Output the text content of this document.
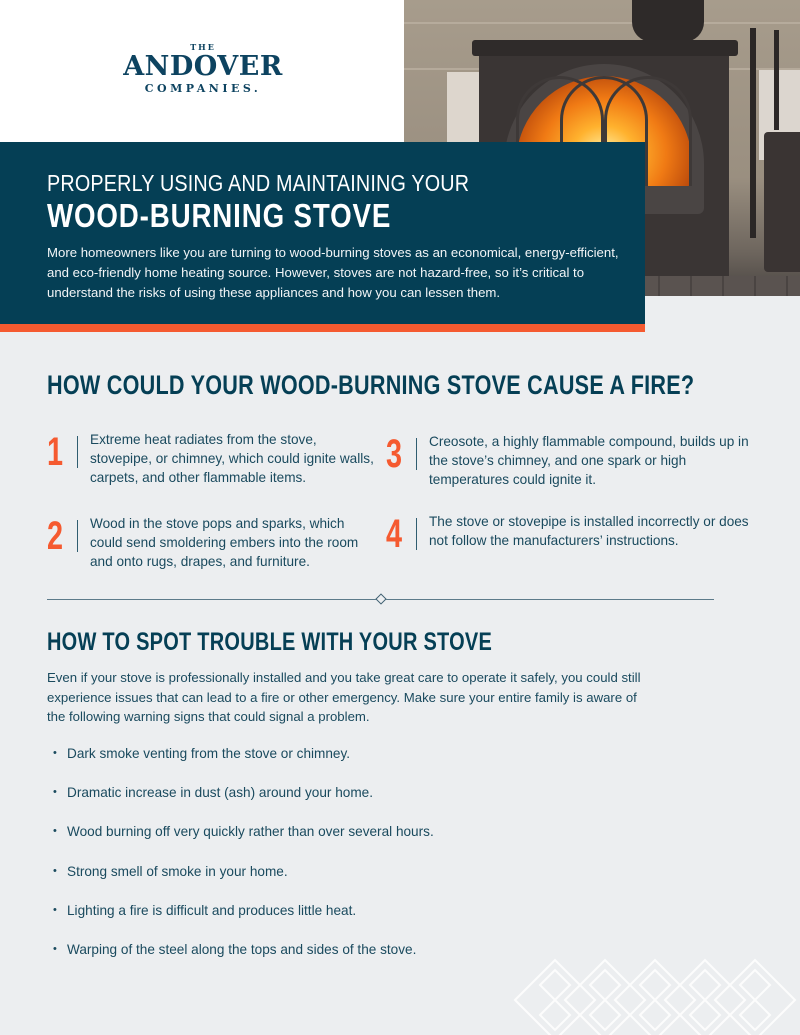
THE
ANDOVER
COMPANIES.
PROPERLY USING AND MAINTAINING YOUR
WOOD-BURNING STOVE

More homeowners like you are turning to wood-burning stoves as an economical, energy-efficient, and eco-friendly home heating source. However, stoves are not hazard-free, so it’s critical to understand the risks of using these appliances and how you can lessen them.

HOW COULD YOUR WOOD-BURNING STOVE CAUSE A FIRE?
1 Extreme heat radiates from the stove, stovepipe, or chimney, which could ignite walls, carpets, and other flammable items.
2 Wood in the stove pops and sparks, which could send smoldering embers into the room and onto rugs, drapes, and furniture.
3 Creosote, a highly flammable compound, builds up in the stove’s chimney, and one spark or high temperatures could ignite it.
4 The stove or stovepipe is installed incorrectly or does not follow the manufacturers’ instructions.
HOW TO SPOT TROUBLE WITH YOUR STOVE

Even if your stove is professionally installed and you take great care to operate it safely, you could still experience issues that can lead to a fire or other emergency. Make sure your entire family is aware of the following warning signs that could signal a problem.

• Dark smoke venting from the stove or chimney.
• Dramatic increase in dust (ash) around your home.
• Wood burning off very quickly rather than over several hours.
• Strong smell of smoke in your home.
• Lighting a fire is difficult and produces little heat.
• Warping of the steel along the tops and sides of the stove.
